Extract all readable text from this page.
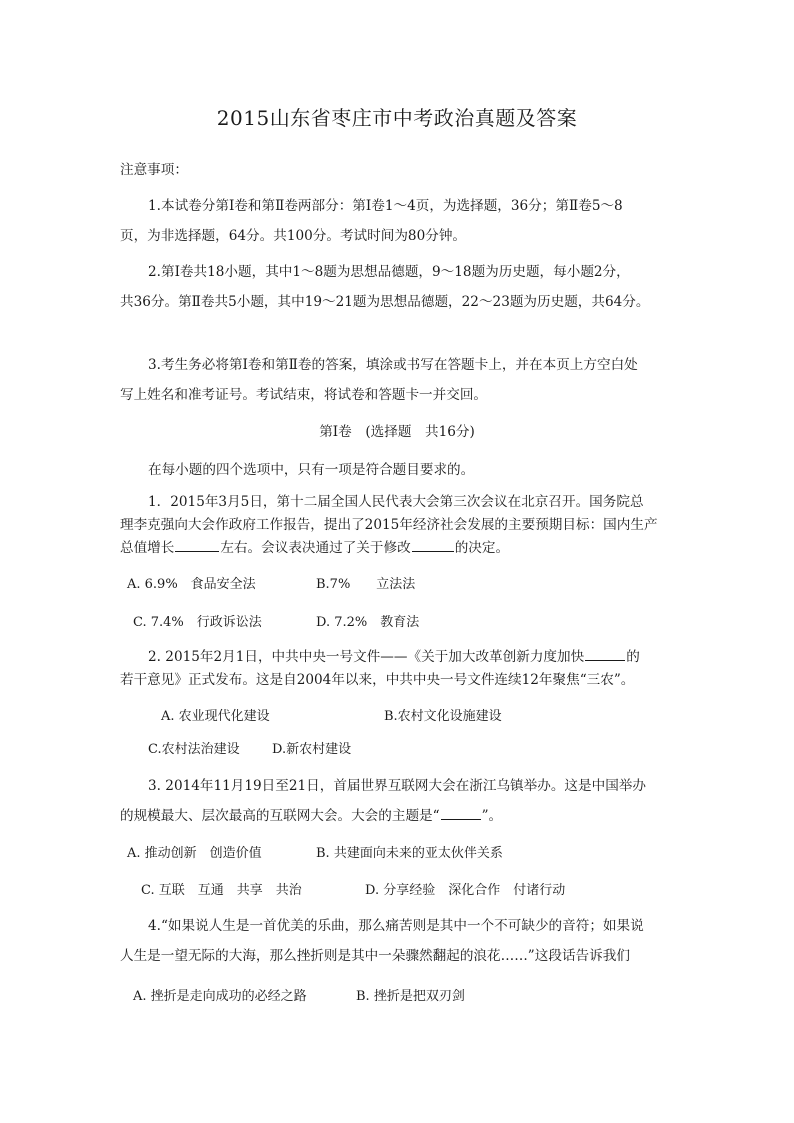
2015山东省枣庄市中考政治真题及答案
注意事项：
1.本试卷分第Ⅰ卷和第Ⅱ卷两部分：第Ⅰ卷1～4页，为选择题，36分；第Ⅱ卷5～8
页，为非选择题，64分。共100分。考试时间为80分钟。
2.第Ⅰ卷共18小题，其中1～8题为思想品德题，9～18题为历史题，每小题2分，
共36分。第Ⅱ卷共5小题，其中19～21题为思想品德题，22～23题为历史题，共64分。
3.考生务必将第Ⅰ卷和第Ⅱ卷的答案，填涂或书写在答题卡上，并在本页上方空白处
写上姓名和准考证号。考试结束，将试卷和答题卡一并交回。
第Ⅰ卷　(选择题　共16分)
在每小题的四个选项中，只有一项是符合题目要求的。
1．2015年3月5日，第十二届全国人民代表大会第三次会议在北京召开。国务院总
理李克强向大会作政府工作报告，提出了2015年经济社会发展的主要预期目标：国内生产
总值增长	左右。会议表决通过了关于修改	的决定。
A. 6.9%　食品安全法	B.7%　　立法法
C. 7.4%　行政诉讼法	D. 7.2%　教育法
2. 2015年2月1日，中共中央一号文件——《关于加大改革创新力度加快	的
若干意见》正式发布。这是自2004年以来，中共中央一号文件连续12年聚焦“三农”。
A. 农业现代化建设	B.农村文化设施建设
C.农村法治建设 D.新农村建设
3. 2014年11月19日至21日，首届世界互联网大会在浙江乌镇举办。这是中国举办
的规模最大、层次最高的互联网大会。大会的主题是“	”。
A. 推动创新　创造价值	B. 共建面向未来的亚太伙伴关系
C. 互联　互通　共享　共治	D. 分享经验　深化合作　付诸行动
4.“如果说人生是一首优美的乐曲，那么痛苦则是其中一个不可缺少的音符；如果说
人生是一望无际的大海，那么挫折则是其中一朵骤然翻起的浪花……”这段话告诉我们
A. 挫折是走向成功的必经之路	B. 挫折是把双刃剑
